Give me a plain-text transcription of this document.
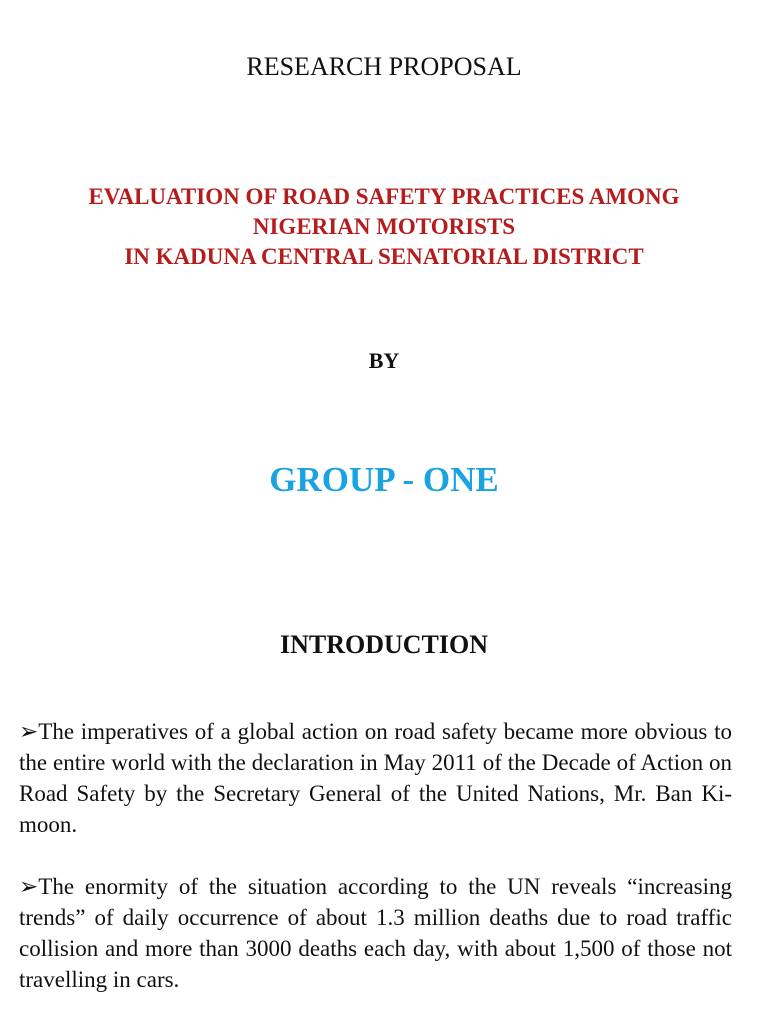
RESEARCH PROPOSAL
EVALUATION OF ROAD SAFETY PRACTICES AMONG
NIGERIAN MOTORISTS
IN KADUNA CENTRAL SENATORIAL DISTRICT
BY
GROUP - ONE
INTRODUCTION

➢The imperatives of a global action on road safety became more obvious to the entire world with the declaration in May 2011 of the Decade of Action on Road Safety by the Secretary General of the United Nations, Mr. Ban Ki-moon.

➢The enormity of the situation according to the UN reveals “increasing trends” of daily occurrence of about 1.3 million deaths due to road traffic collision and more than 3000 deaths each day, with about 1,500 of those not travelling in cars.
